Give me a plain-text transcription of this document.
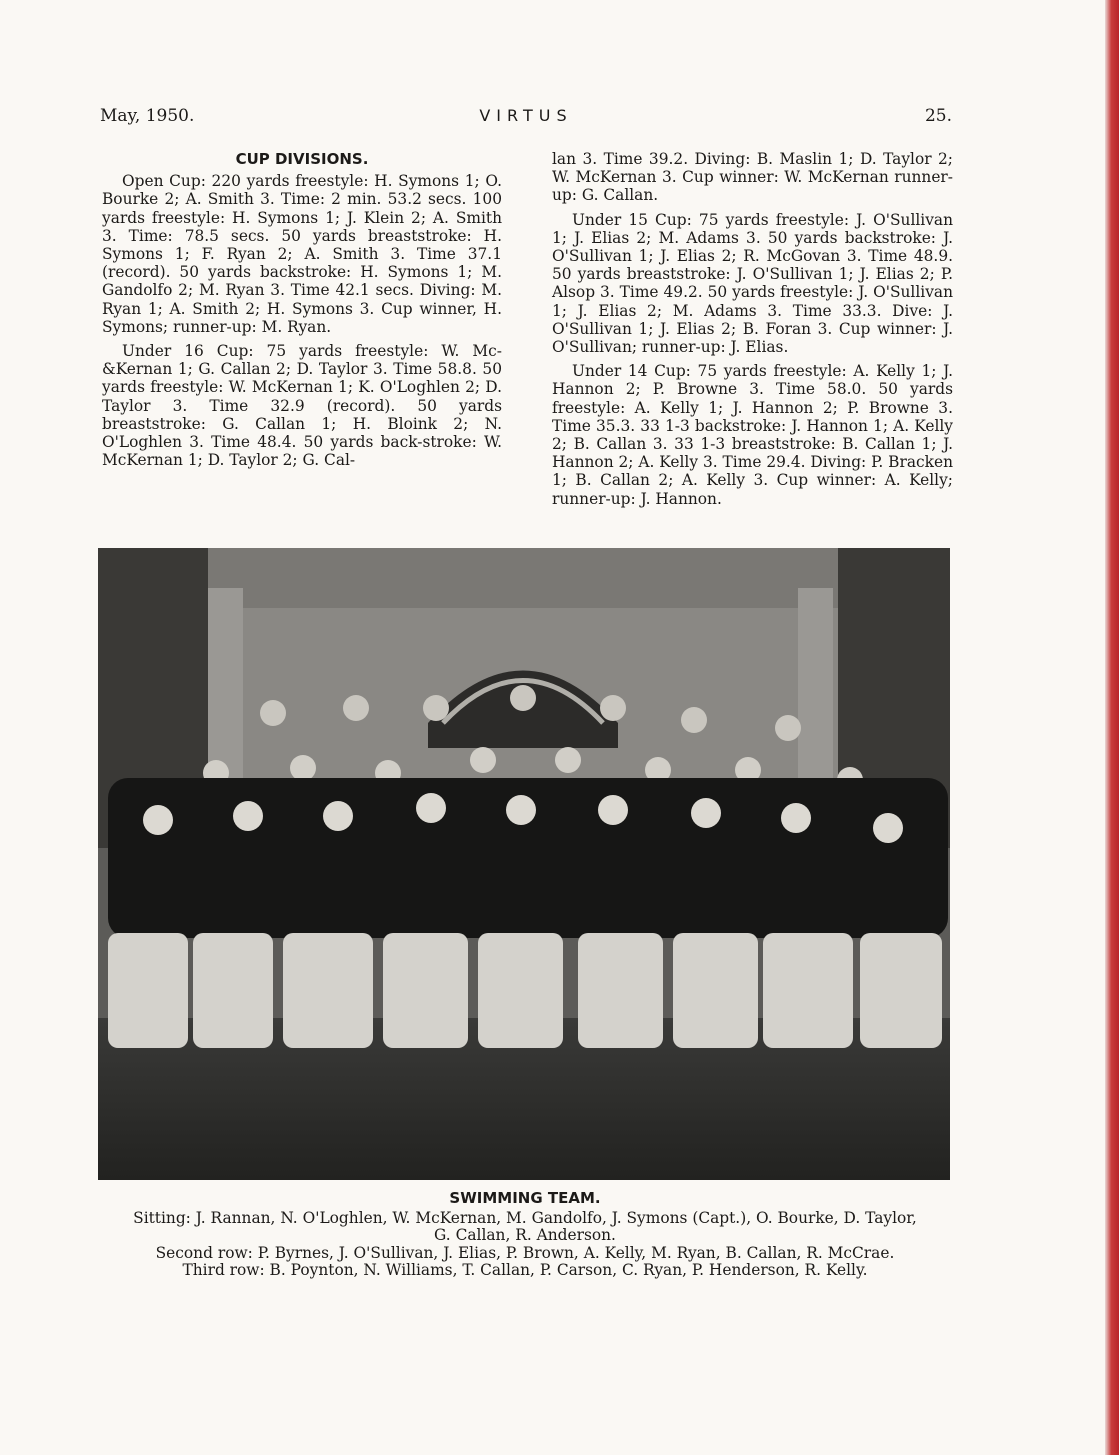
May, 1950.	VIRTUS	25.
CUP DIVISIONS.

Open Cup: 220 yards freestyle: H. Symons 1; O. Bourke 2; A. Smith 3. Time: 2 min. 53.2 secs. 100 yards freestyle: H. Symons 1; J. Klein 2; A. Smith 3. Time: 78.5 secs. 50 yards breaststroke: H. Symons 1; F. Ryan 2; A. Smith 3. Time 37.1 (record). 50 yards backstroke: H. Symons 1; M. Gandolfo 2; M. Ryan 3. Time 42.1 secs. Diving: M. Ryan 1; A. Smith 2; H. Symons 3. Cup winner, H. Symons; runner-up: M. Ryan.

Under 16 Cup: 75 yards freestyle: W. Mc-&Kernan 1; G. Callan 2; D. Taylor 3. Time 58.8. 50 yards freestyle: W. McKernan 1; K. O'Loghlen 2; D. Taylor 3. Time 32.9 (record). 50 yards breaststroke: G. Callan 1; H. Bloink 2; N. O'Loghlen 3. Time 48.4. 50 yards back-stroke: W. McKernan 1; D. Taylor 2; G. Cal-

lan 3. Time 39.2. Diving: B. Maslin 1; D. Taylor 2; W. McKernan 3. Cup winner: W. McKernan runner-up: G. Callan.

Under 15 Cup: 75 yards freestyle: J. O'Sullivan 1; J. Elias 2; M. Adams 3. 50 yards backstroke: J. O'Sullivan 1; J. Elias 2; R. McGovan 3. Time 48.9. 50 yards breaststroke: J. O'Sullivan 1; J. Elias 2; P. Alsop 3. Time 49.2. 50 yards freestyle: J. O'Sullivan 1; J. Elias 2; M. Adams 3. Time 33.3. Dive: J. O'Sullivan 1; J. Elias 2; B. Foran 3. Cup winner: J. O'Sullivan; runner-up: J. Elias.

Under 14 Cup: 75 yards freestyle: A. Kelly 1; J. Hannon 2; P. Browne 3. Time 58.0. 50 yards freestyle: A. Kelly 1; J. Hannon 2; P. Browne 3. Time 35.3. 33 1-3 backstroke: J. Hannon 1; A. Kelly 2; B. Callan 3. 33 1-3 breaststroke: B. Callan 1; J. Hannon 2; A. Kelly 3. Time 29.4. Diving: P. Bracken 1; B. Callan 2; A. Kelly 3. Cup winner: A. Kelly; runner-up: J. Hannon.

SWIMMING TEAM.

Sitting: J. Rannan, N. O'Loghlen, W. McKernan, M. Gandolfo, J. Symons (Capt.), O. Bourke, D. Taylor, G. Callan, R. Anderson.

Second row: P. Byrnes, J. O'Sullivan, J. Elias, P. Brown, A. Kelly, M. Ryan, B. Callan, R. McCrae.

Third row: B. Poynton, N. Williams, T. Callan, P. Carson, C. Ryan, P. Henderson, R. Kelly.
